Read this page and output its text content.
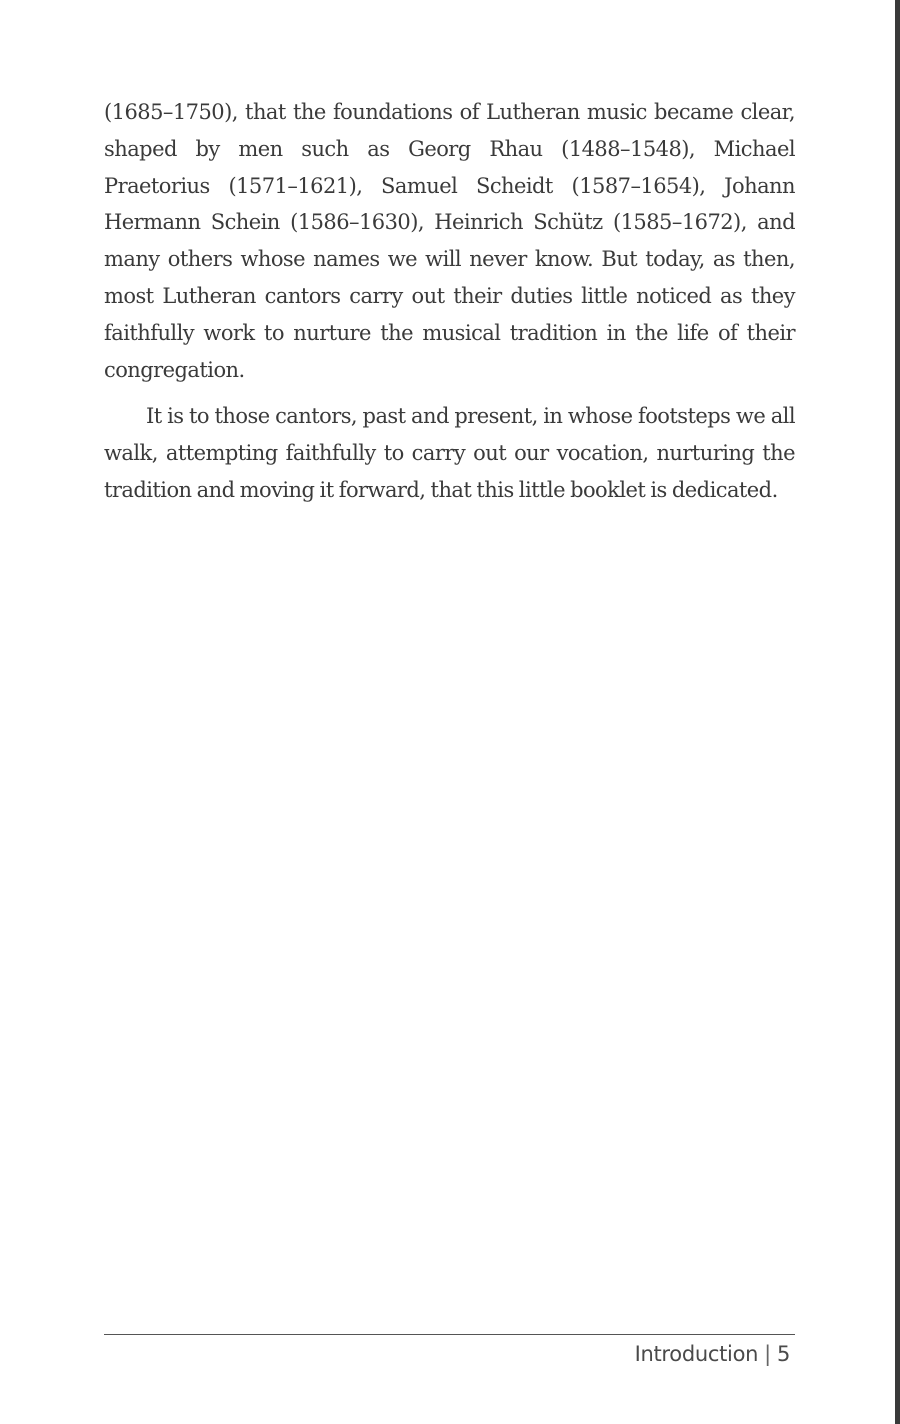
(1685–1750), that the foundations of Lutheran music became clear, shaped by men such as Georg Rhau (1488–1548), Michael Praetorius (1571–1621), Samuel Scheidt (1587–1654), Johann Hermann Schein (1586–1630), Heinrich Schütz (1585–1672), and many others whose names we will never know. But today, as then, most Lutheran cantors carry out their duties little noticed as they faithfully work to nurture the musical tradition in the life of their congregation.

It is to those cantors, past and present, in whose footsteps we all walk, attempting faithfully to carry out our vocation, nurturing the tradition and moving it forward, that this little booklet is dedicated.

Introduction | 5
